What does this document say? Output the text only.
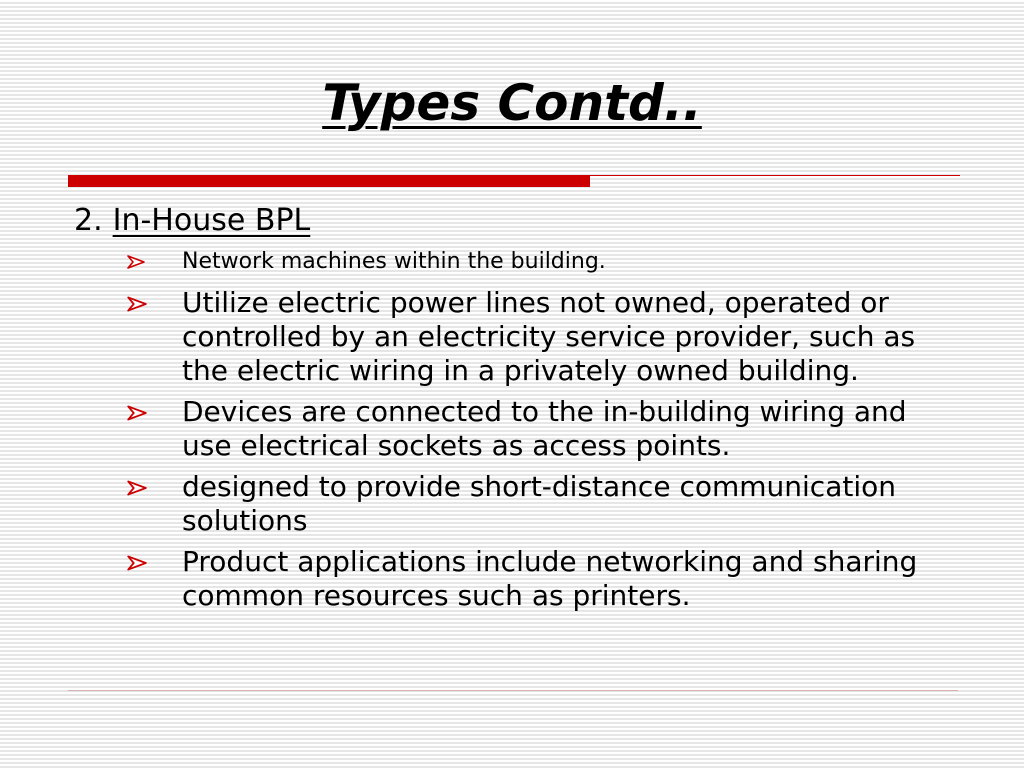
Types Contd..
2. In-House BPL
Network machines within the building.
Utilize electric power lines not owned, operated or controlled by an electricity service provider, such as the electric wiring in a privately owned building.
Devices are connected to the in-building wiring and use electrical sockets as access points.
designed to provide short-distance communication solutions
Product applications include networking and sharing common resources such as printers.
